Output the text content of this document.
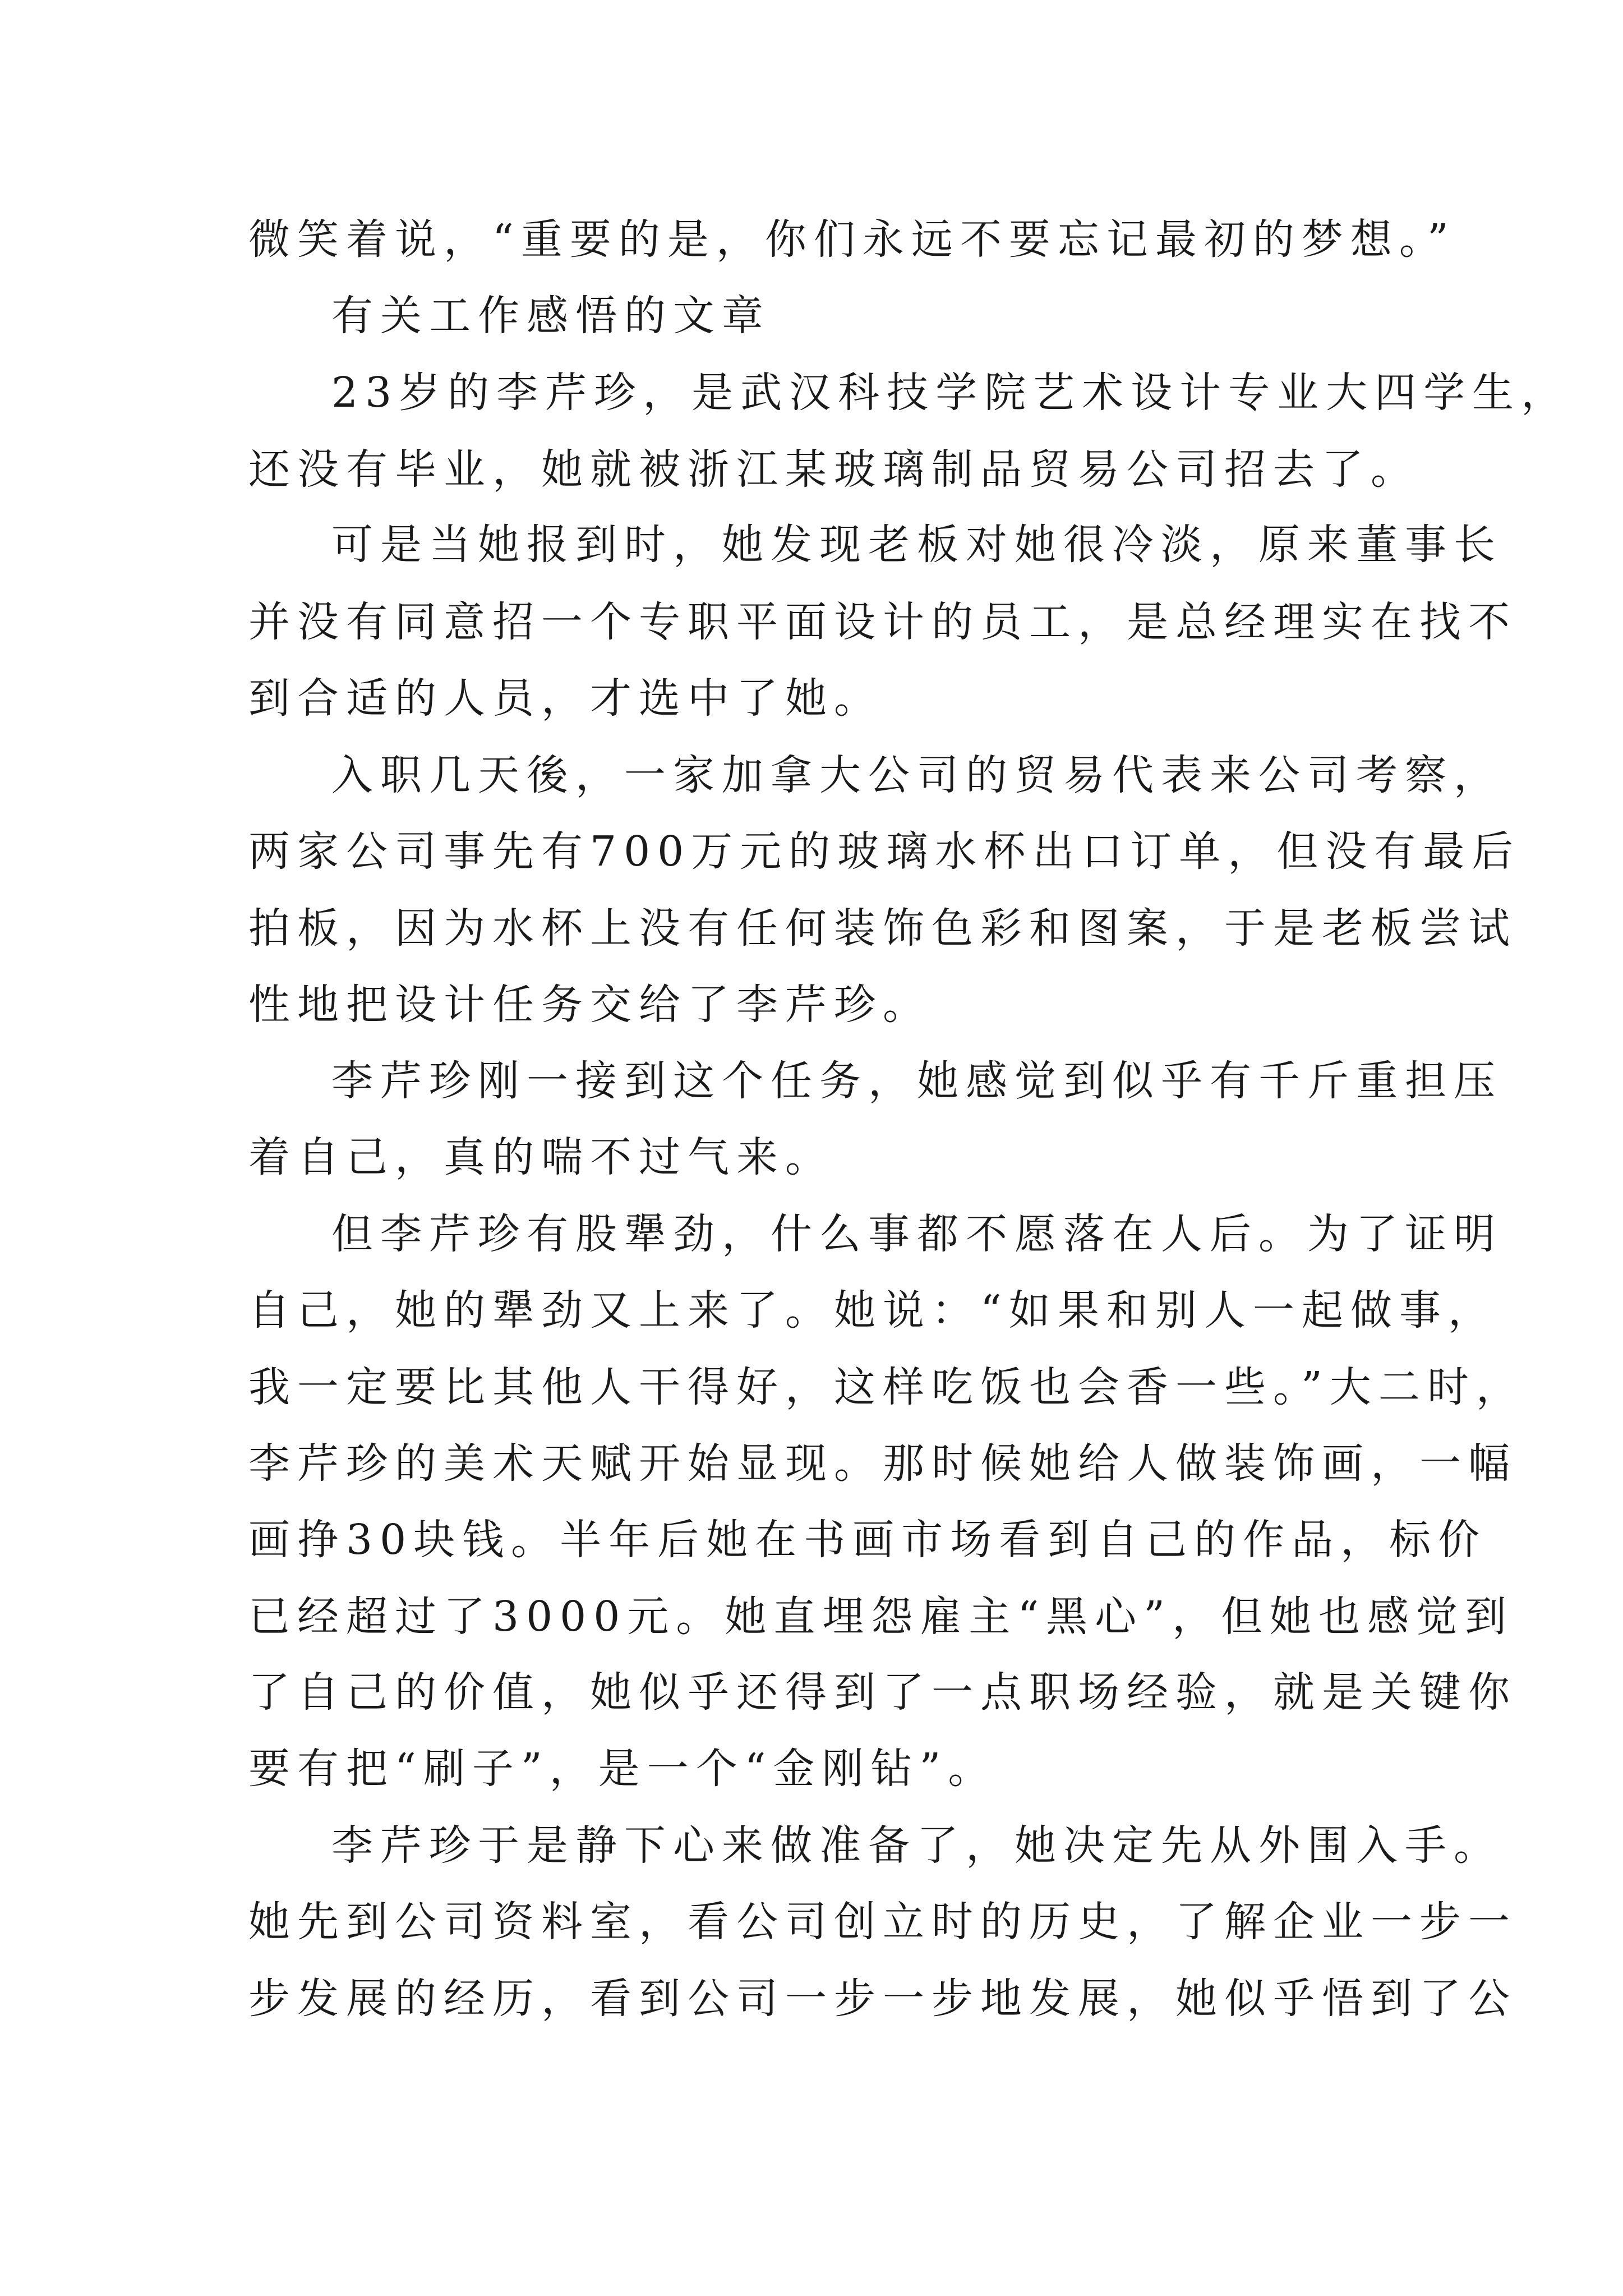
微笑着说，“重要的是，你们永远不要忘记最初的梦想。”
有关工作感悟的文章
23岁的李芹珍，是武汉科技学院艺术设计专业大四学生，
还没有毕业，她就被浙江某玻璃制品贸易公司招去了。
可是当她报到时，她发现老板对她很冷淡，原来董事长
并没有同意招一个专职平面设计的员工，是总经理实在找不
到合适的人员，才选中了她。
入职几天後，一家加拿大公司的贸易代表来公司考察，
两家公司事先有700万元的玻璃水杯出口订单，但没有最后
拍板，因为水杯上没有任何装饰色彩和图案，于是老板尝试
性地把设计任务交给了李芹珍。
李芹珍刚一接到这个任务，她感觉到似乎有千斤重担压
着自己，真的喘不过气来。
但李芹珍有股犟劲，什么事都不愿落在人后。为了证明
自己，她的犟劲又上来了。她说：“如果和别人一起做事，
我一定要比其他人干得好，这样吃饭也会香一些。”大二时，
李芹珍的美术天赋开始显现。那时候她给人做装饰画，一幅
画挣30块钱。半年后她在书画市场看到自己的作品，标价
已经超过了3000元。她直埋怨雇主“黑心”，但她也感觉到
了自己的价值，她似乎还得到了一点职场经验，就是关键你
要有把“刷子”，是一个“金刚钻”。
李芹珍于是静下心来做准备了，她决定先从外围入手。
她先到公司资料室，看公司创立时的历史，了解企业一步一
步发展的经历，看到公司一步一步地发展，她似乎悟到了公
